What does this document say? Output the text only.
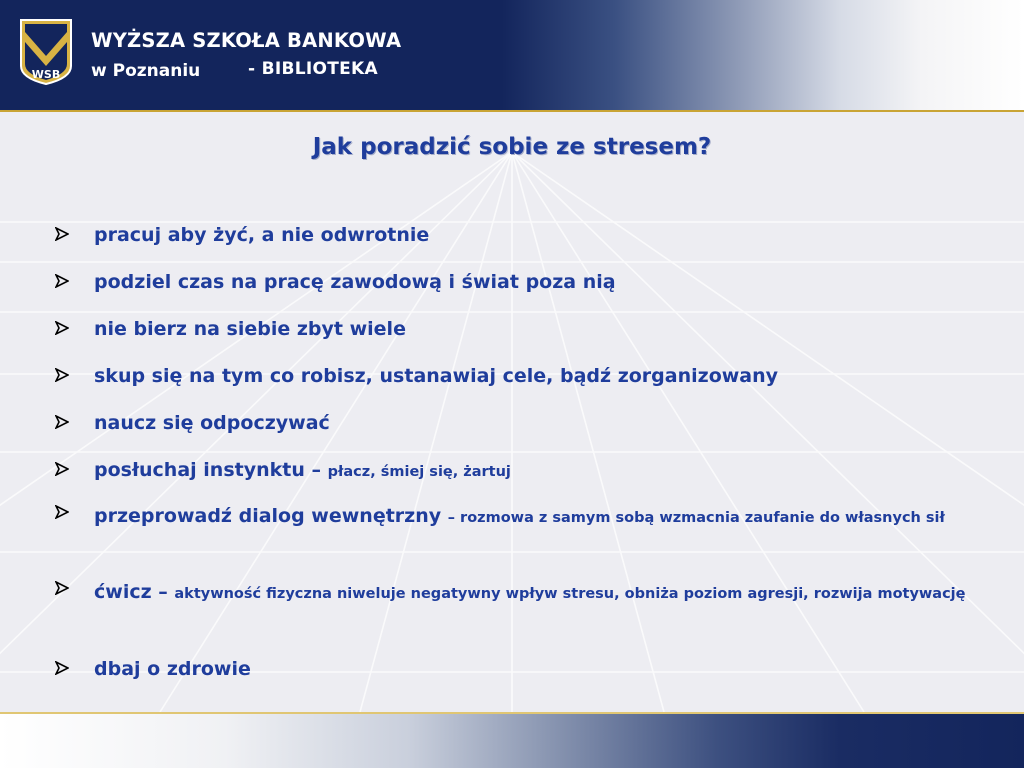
WSB
WYŻSZA SZKOŁA BANKOWA
w Poznaniu	- BIBLIOTEKA
Jak poradzić sobie ze stresem?
pracuj aby żyć, a nie odwrotnie
podziel czas na pracę zawodową i świat poza nią
nie bierz na siebie zbyt wiele
skup się na tym co robisz, ustanawiaj cele, bądź zorganizowany
naucz się odpoczywać
posłuchaj instynktu – płacz, śmiej się, żartuj
przeprowadź dialog wewnętrzny – rozmowa z samym sobą wzmacnia zaufanie do własnych sił
ćwicz – aktywność fizyczna niweluje negatywny wpływ stresu, obniża poziom agresji, rozwija motywację
dbaj o zdrowie
